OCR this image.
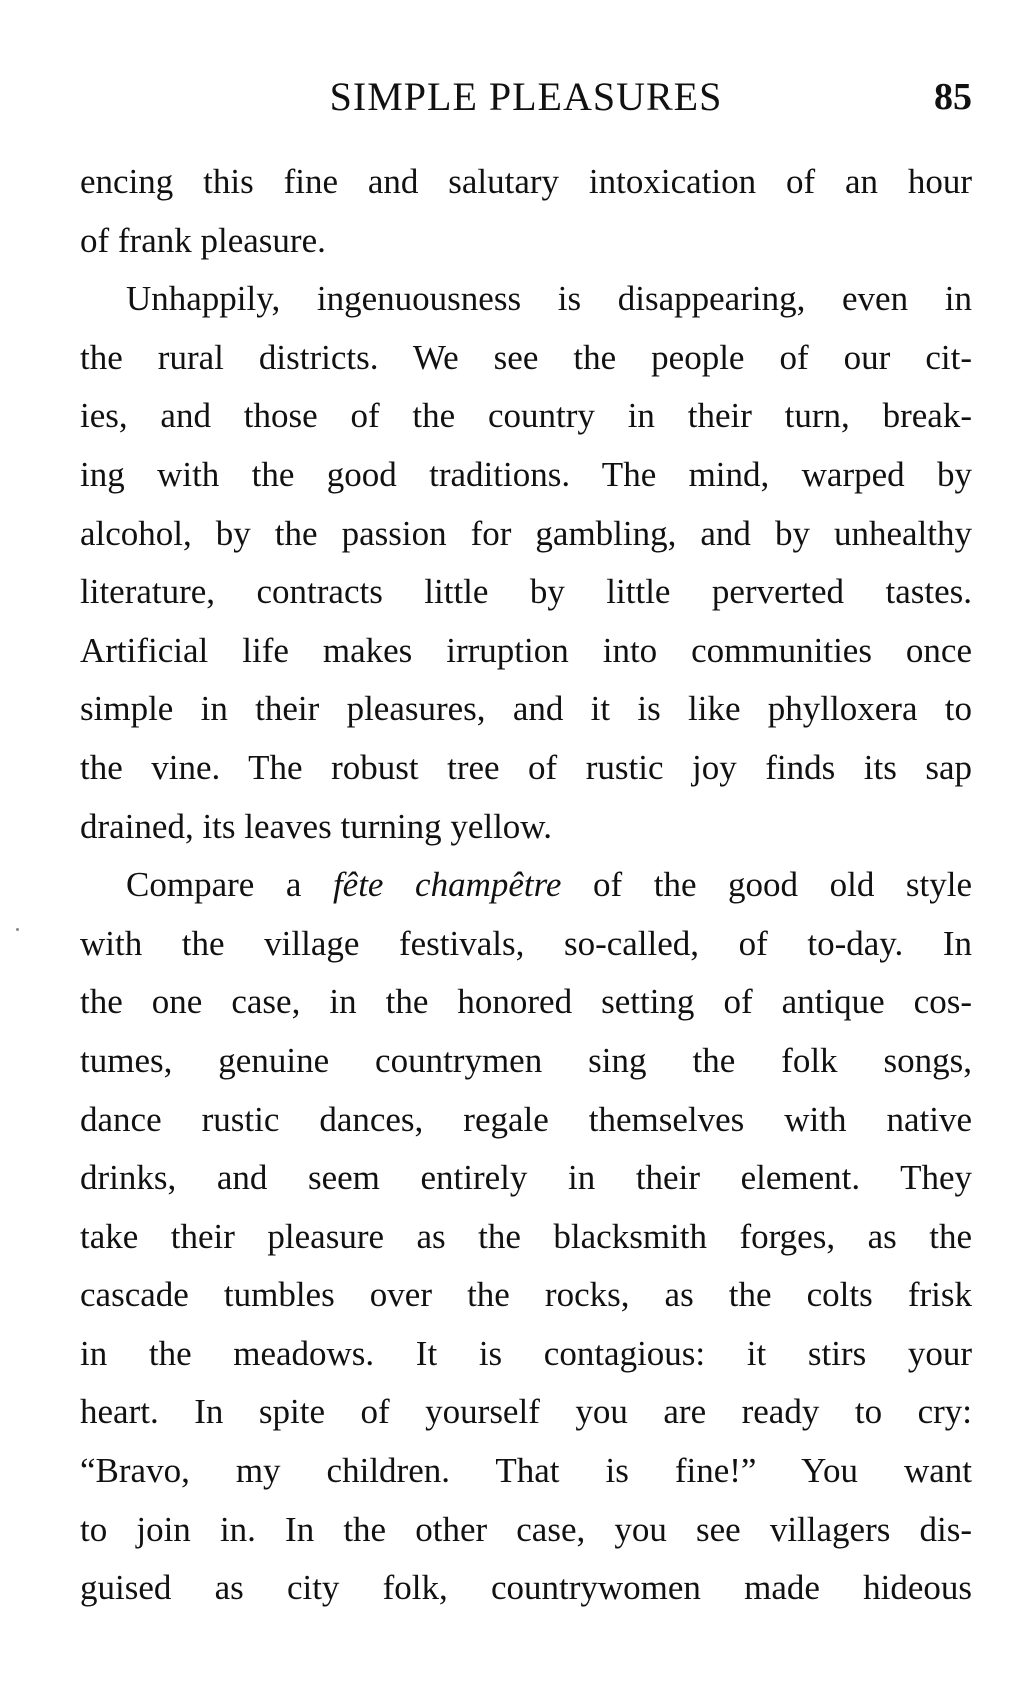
SIMPLE PLEASURES	85
encing this fine and salutary intoxication of an hour
of frank pleasure.
Unhappily, ingenuousness is disappearing, even in
the rural districts. We see the people of our cit-
ies, and those of the country in their turn, break-
ing with the good traditions. The mind, warped by
alcohol, by the passion for gambling, and by unhealthy
literature, contracts little by little perverted tastes.
Artificial life makes irruption into communities once
simple in their pleasures, and it is like phylloxera to
the vine. The robust tree of rustic joy finds its sap
drained, its leaves turning yellow.
Compare a fête champêtre of the good old style
with the village festivals, so-called, of to-day. In
the one case, in the honored setting of antique cos-
tumes, genuine countrymen sing the folk songs,
dance rustic dances, regale themselves with native
drinks, and seem entirely in their element. They
take their pleasure as the blacksmith forges, as the
cascade tumbles over the rocks, as the colts frisk
in the meadows. It is contagious: it stirs your
heart. In spite of yourself you are ready to cry:
“Bravo, my children. That is fine!” You want
to join in. In the other case, you see villagers dis-
guised as city folk, countrywomen made hideous
